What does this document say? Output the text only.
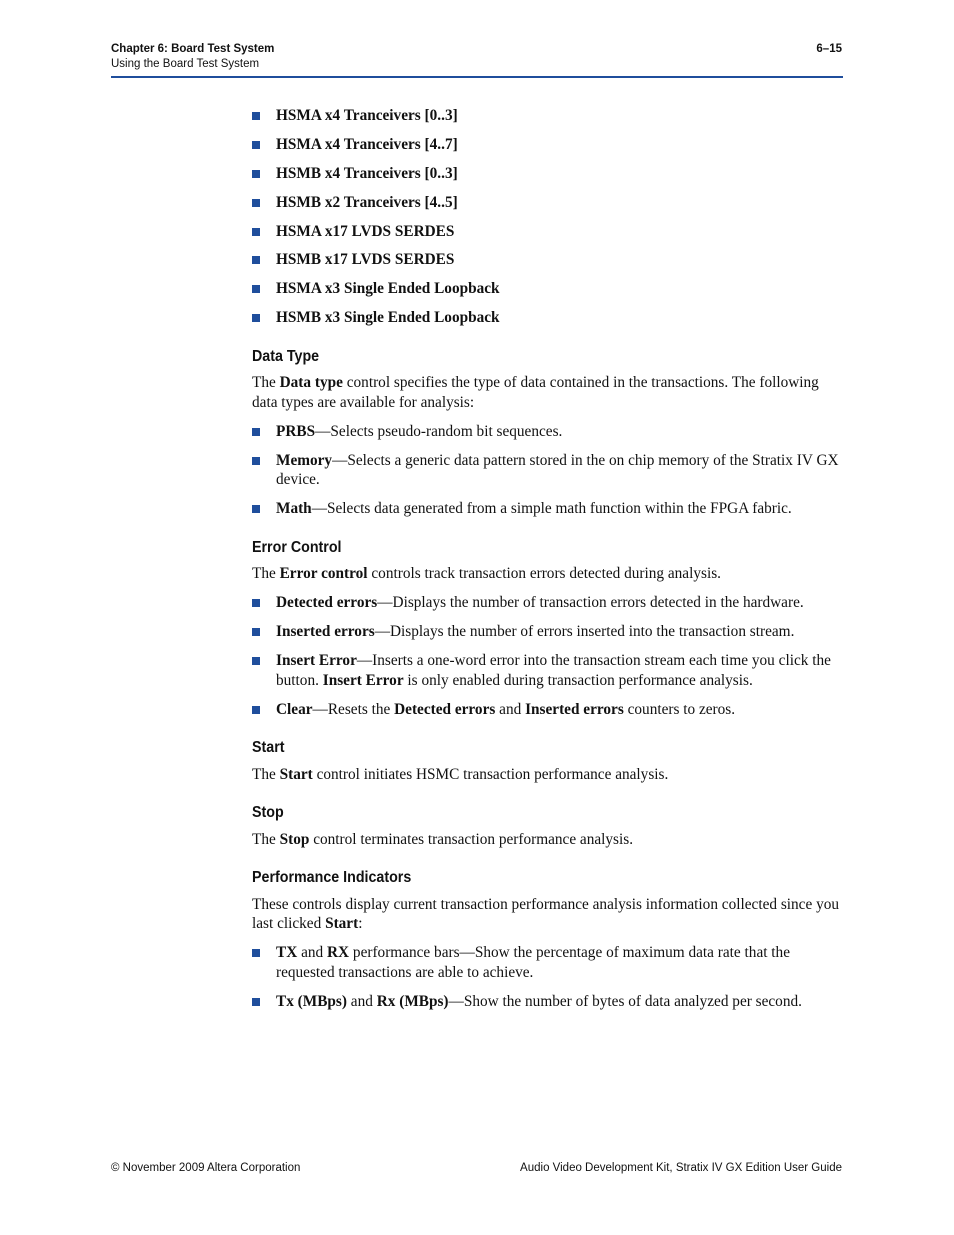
Chapter 6: Board Test System
Using the Board Test System
6–15
HSMA x4 Tranceivers [0..3]
HSMA x4 Tranceivers [4..7]
HSMB x4 Tranceivers [0..3]
HSMB x2 Tranceivers [4..5]
HSMA x17 LVDS SERDES
HSMB x17 LVDS SERDES
HSMA x3 Single Ended Loopback
HSMB x3 Single Ended Loopback
Data Type

The Data type control specifies the type of data contained in the transactions. The following data types are available for analysis:

PRBS—Selects pseudo-random bit sequences.
Memory—Selects a generic data pattern stored in the on chip memory of the Stratix IV GX device.
Math—Selects data generated from a simple math function within the FPGA fabric.
Error Control

The Error control controls track transaction errors detected during analysis.

Detected errors—Displays the number of transaction errors detected in the hardware.
Inserted errors—Displays the number of errors inserted into the transaction stream.
Insert Error—Inserts a one-word error into the transaction stream each time you click the button. Insert Error is only enabled during transaction performance analysis.
Clear—Resets the Detected errors and Inserted errors counters to zeros.
Start

The Start control initiates HSMC transaction performance analysis.

Stop

The Stop control terminates transaction performance analysis.

Performance Indicators

These controls display current transaction performance analysis information collected since you last clicked Start:

TX and RX performance bars—Show the percentage of maximum data rate that the requested transactions are able to achieve.
Tx (MBps) and Rx (MBps)—Show the number of bytes of data analyzed per second.
© November 2009 Altera Corporation	Audio Video Development Kit, Stratix IV GX Edition User Guide
